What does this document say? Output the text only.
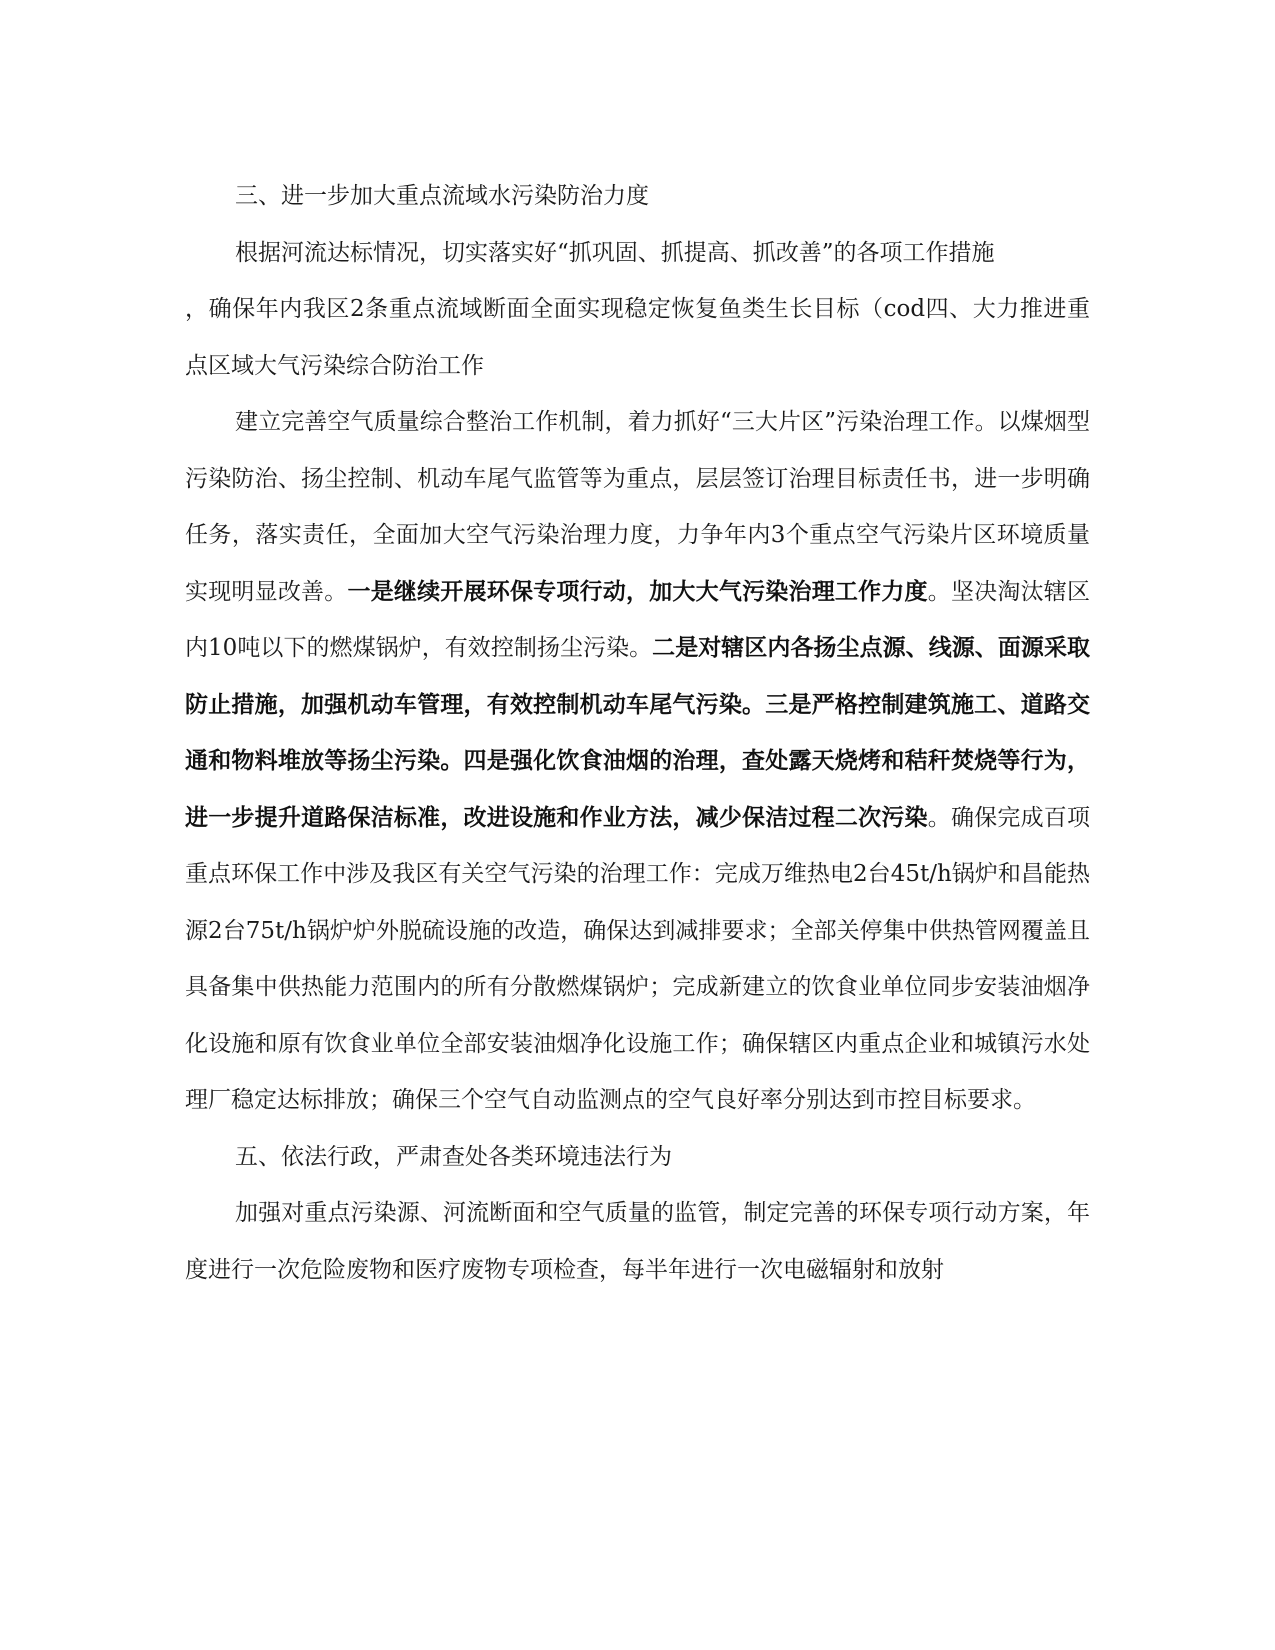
三、进一步加大重点流域水污染防治力度

根据河流达标情况，切实落实好“抓巩固、抓提高、抓改善”的各项工作措施

，确保年内我区2条重点流域断面全面实现稳定恢复鱼类生长目标（cod四、大力推进重点区域大气污染综合防治工作

建立完善空气质量综合整治工作机制，着力抓好“三大片区”污染治理工作。以煤烟型污染防治、扬尘控制、机动车尾气监管等为重点，层层签订治理目标责任书，进一步明确任务，落实责任，全面加大空气污染治理力度，力争年内3个重点空气污染片区环境质量实现明显改善。一是继续开展环保专项行动，加大大气污染治理工作力度。坚决淘汰辖区内10吨以下的燃煤锅炉，有效控制扬尘污染。二是对辖区内各扬尘点源、线源、面源采取防止措施，加强机动车管理，有效控制机动车尾气污染。三是严格控制建筑施工、道路交通和物料堆放等扬尘污染。四是强化饮食油烟的治理，查处露天烧烤和秸秆焚烧等行为，进一步提升道路保洁标准，改进设施和作业方法，减少保洁过程二次污染。确保完成百项重点环保工作中涉及我区有关空气污染的治理工作：完成万维热电2台45t/h锅炉和昌能热源2台75t/h锅炉炉外脱硫设施的改造，确保达到减排要求；全部关停集中供热管网覆盖且具备集中供热能力范围内的所有分散燃煤锅炉；完成新建立的饮食业单位同步安装油烟净化设施和原有饮食业单位全部安装油烟净化设施工作；确保辖区内重点企业和城镇污水处理厂稳定达标排放；确保三个空气自动监测点的空气良好率分别达到市控目标要求。

五、依法行政，严肃查处各类环境违法行为

加强对重点污染源、河流断面和空气质量的监管，制定完善的环保专项行动方案，年度进行一次危险废物和医疗废物专项检查，每半年进行一次电磁辐射和放射
